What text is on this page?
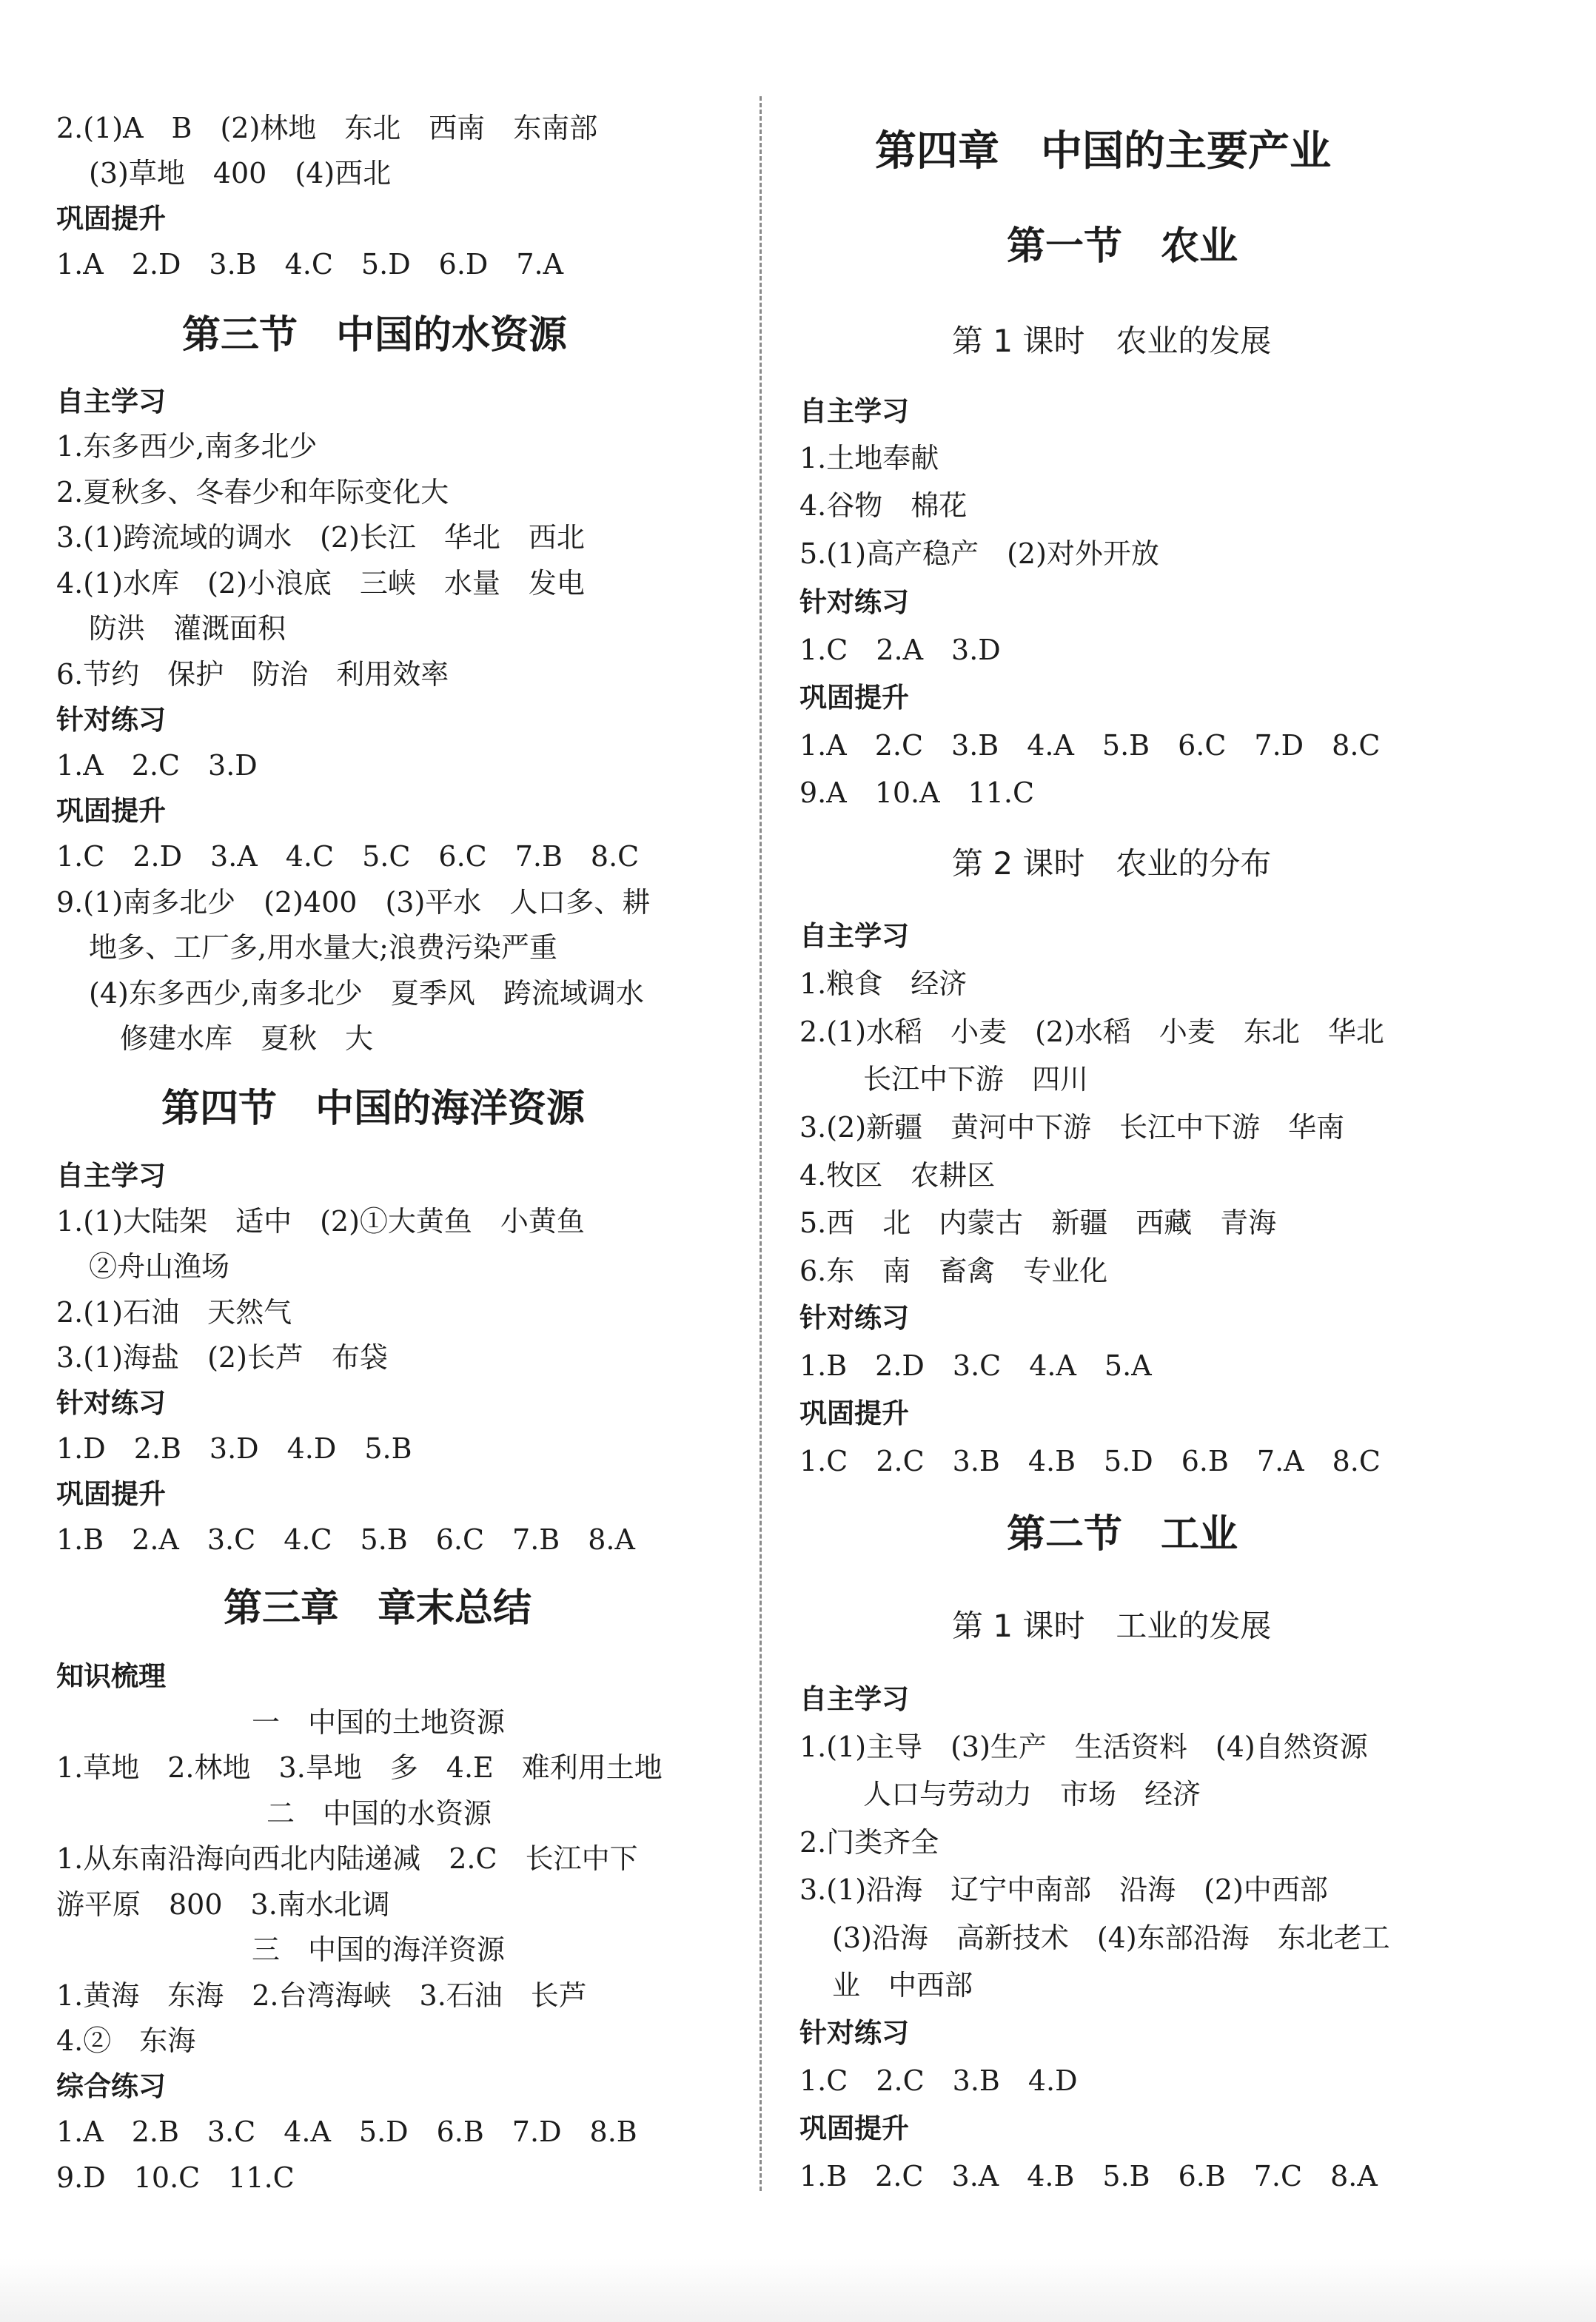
2.(1)A　B　(2)林地　东北　西南　东南部
(3)草地　400　(4)西北
巩固提升
1.A　2.D　3.B　4.C　5.D　6.D　7.A
第三节　中国的水资源
自主学习
1.东多西少,南多北少
2.夏秋多、冬春少和年际变化大
3.(1)跨流域的调水　(2)长江　华北　西北
4.(1)水库　(2)小浪底　三峡　水量　发电
防洪　灌溉面积
6.节约　保护　防治　利用效率
针对练习
1.A　2.C　3.D
巩固提升
1.C　2.D　3.A　4.C　5.C　6.C　7.B　8.C
9.(1)南多北少　(2)400　(3)平水　人口多、耕
地多、工厂多,用水量大;浪费污染严重
(4)东多西少,南多北少　夏季风　跨流域调水
修建水库　夏秋　大
第四节　中国的海洋资源
自主学习
1.(1)大陆架　适中　(2)①大黄鱼　小黄鱼
②舟山渔场
2.(1)石油　天然气
3.(1)海盐　(2)长芦　布袋
针对练习
1.D　2.B　3.D　4.D　5.B
巩固提升
1.B　2.A　3.C　4.C　5.B　6.C　7.B　8.A
第三章　章末总结
知识梳理
一　中国的土地资源
1.草地　2.林地　3.旱地　多　4.E　难利用土地
二　中国的水资源
1.从东南沿海向西北内陆递减　2.C　长江中下
游平原　800　3.南水北调
三　中国的海洋资源
1.黄海　东海　2.台湾海峡　3.石油　长芦
4.②　东海
综合练习
1.A　2.B　3.C　4.A　5.D　6.B　7.D　8.B
9.D　10.C　11.C
第四章　中国的主要产业
第一节　农业
第 1 课时　农业的发展
自主学习
1.土地奉献
4.谷物　棉花
5.(1)高产稳产　(2)对外开放
针对练习
1.C　2.A　3.D
巩固提升
1.A　2.C　3.B　4.A　5.B　6.C　7.D　8.C
9.A　10.A　11.C
第 2 课时　农业的分布
自主学习
1.粮食　经济
2.(1)水稻　小麦　(2)水稻　小麦　东北　华北
长江中下游　四川
3.(2)新疆　黄河中下游　长江中下游　华南
4.牧区　农耕区
5.西　北　内蒙古　新疆　西藏　青海
6.东　南　畜禽　专业化
针对练习
1.B　2.D　3.C　4.A　5.A
巩固提升
1.C　2.C　3.B　4.B　5.D　6.B　7.A　8.C
第二节　工业
第 1 课时　工业的发展
自主学习
1.(1)主导　(3)生产　生活资料　(4)自然资源
人口与劳动力　市场　经济
2.门类齐全
3.(1)沿海　辽宁中南部　沿海　(2)中西部
(3)沿海　高新技术　(4)东部沿海　东北老工
业　中西部
针对练习
1.C　2.C　3.B　4.D
巩固提升
1.B　2.C　3.A　4.B　5.B　6.B　7.C　8.A
